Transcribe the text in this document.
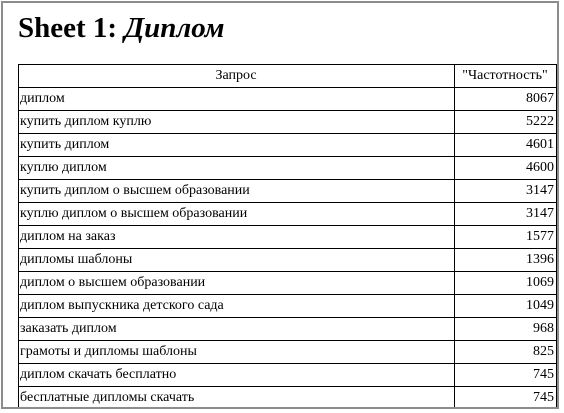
Sheet 1: Диплом
Запрос	"Частотность"
диплом	8067
купить диплом куплю	5222
купить диплом	4601
куплю диплом	4600
купить диплом о высшем образовании	3147
куплю диплом о высшем образовании	3147
диплом на заказ	1577
дипломы шаблоны	1396
диплом о высшем образовании	1069
диплом выпускника детского сада	1049
заказать диплом	968
грамоты и дипломы шаблоны	825
диплом скачать бесплатно	745
бесплатные дипломы скачать	745
